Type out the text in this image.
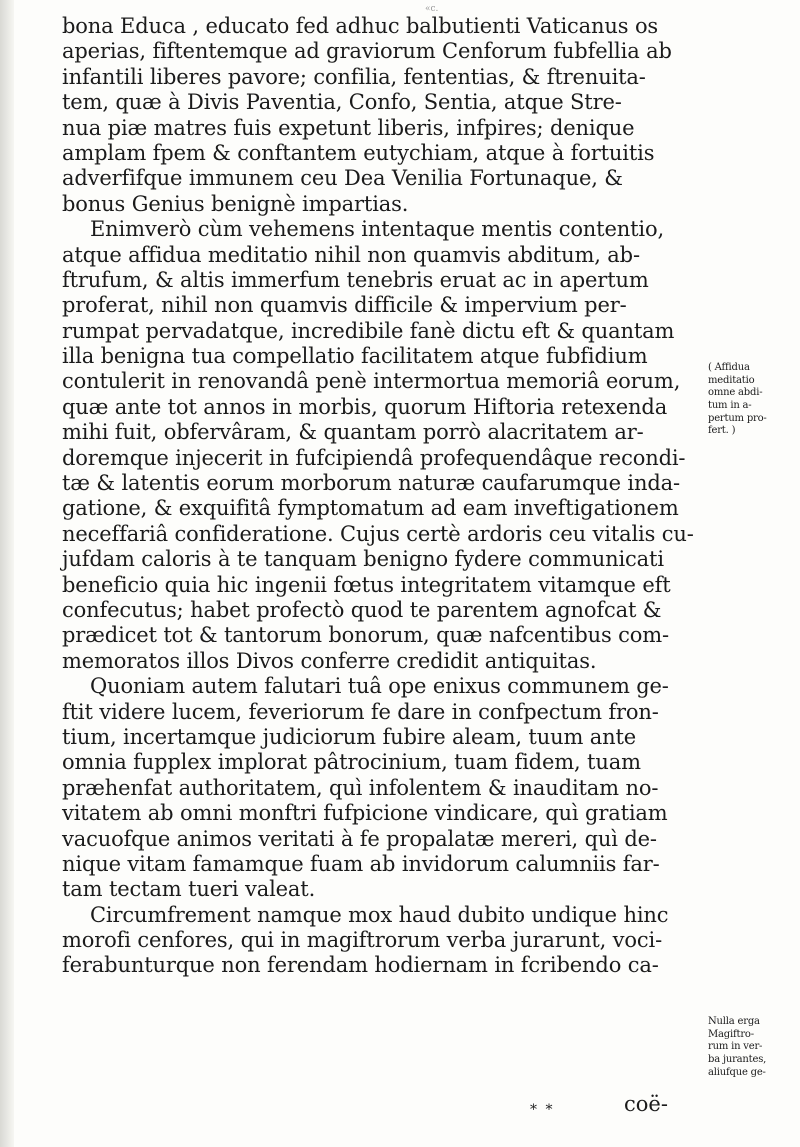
«c.
bona Educa , educato fed adhuc balbutienti Vaticanus os
aperias, fiftentemque ad graviorum Cenforum fubfellia ab
infantili liberes pavore; confilia, fententias, & ftrenuita-
tem, quæ à Divis Paventia, Confo, Sentia, atque Stre-
nua piæ matres fuis expetunt liberis, infpires; denique
amplam fpem & conftantem eutychiam, atque à fortuitis
adverfifque immunem ceu Dea Venilia Fortunaque, &
bonus Genius benignè impartias.
Enimverò cùm vehemens intentaque mentis contentio,
atque affidua meditatio nihil non quamvis abditum, ab-
ftrufum, & altis immerfum tenebris eruat ac in apertum
proferat, nihil non quamvis difficile & impervium per-
rumpat pervadatque, incredibile fanè dictu eft & quantam
illa benigna tua compellatio facilitatem atque fubfidium
contulerit in renovandâ penè intermortua memoriâ eorum,
quæ ante tot annos in morbis, quorum Hiftoria retexenda
mihi fuit, obfervâram, & quantam porrò alacritatem ar-
doremque injecerit in fufcipiendâ profequendâque recondi-
tæ & latentis eorum morborum naturæ caufarumque inda-
gatione, & exquifitâ fymptomatum ad eam inveftigationem
neceffariâ confideratione. Cujus certè ardoris ceu vitalis cu-
jufdam caloris à te tanquam benigno fydere communicati
beneficio quia hic ingenii fœtus integritatem vitamque eft
confecutus; habet profectò quod te parentem agnofcat &
prædicet tot & tantorum bonorum, quæ nafcentibus com-
memoratos illos Divos conferre credidit antiquitas.
Quoniam autem falutari tuâ ope enixus communem ge-
ftit videre lucem, feveriorum fe dare in confpectum fron-
tium, incertamque judiciorum fubire aleam, tuum ante
omnia fupplex implorat pâtrocinium, tuam fidem, tuam
præhenfat authoritatem, quì infolentem & inauditam no-
vitatem ab omni monftri fufpicione vindicare, quì gratiam
vacuofque animos veritati à fe propalatæ mereri, quì de-
nique vitam famamque fuam ab invidorum calumniis far-
tam tectam tueri valeat.
Circumfrement namque mox haud dubito undique hinc
morofi cenfores, qui in magiftrorum verba jurarunt, voci-
ferabunturque non ferendam hodiernam in fcribendo ca-
( Affidua
meditatio
omne abdi-
tum in a-
pertum pro-
fert. )
Nulla erga
Magiftro-
rum in ver-
ba jurantes,
aliufque ge-
* *	coë-
